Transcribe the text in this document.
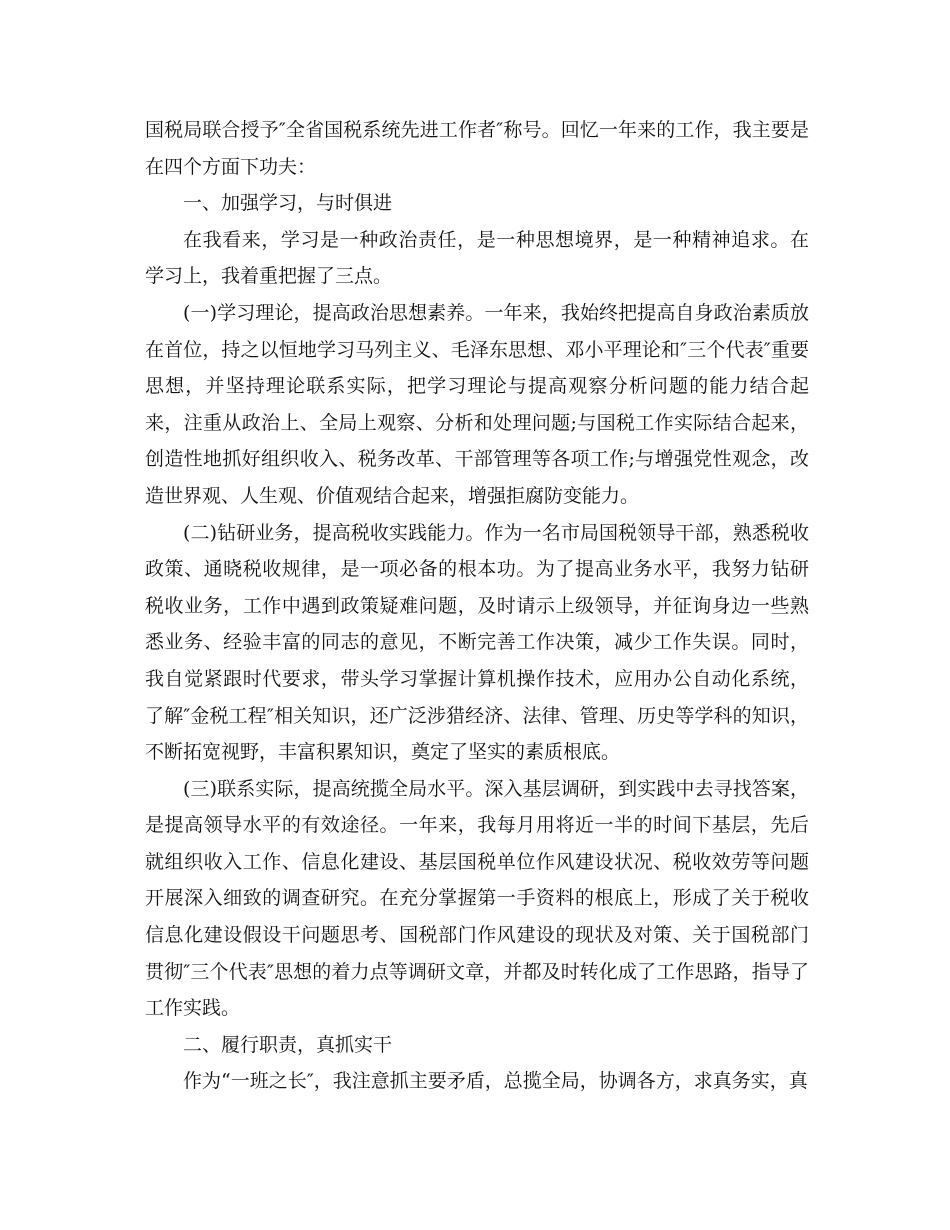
国税局联合授予″全省国税系统先进工作者″称号。回忆一年来的工作，我主要是在四个方面下功夫：

一、加强学习，与时俱进

在我看来，学习是一种政治责任，是一种思想境界，是一种精神追求。在学习上，我着重把握了三点。

(一)学习理论，提高政治思想素养。一年来，我始终把提高自身政治素质放在首位，持之以恒地学习马列主义、毛泽东思想、邓小平理论和″三个代表″重要思想，并坚持理论联系实际，把学习理论与提高观察分析问题的能力结合起来，注重从政治上、全局上观察、分析和处理问题;与国税工作实际结合起来，创造性地抓好组织收入、税务改革、干部管理等各项工作;与增强党性观念，改造世界观、人生观、价值观结合起来，增强拒腐防变能力。

(二)钻研业务，提高税收实践能力。作为一名市局国税领导干部，熟悉税收政策、通晓税收规律，是一项必备的根本功。为了提高业务水平，我努力钻研税收业务，工作中遇到政策疑难问题，及时请示上级领导，并征询身边一些熟悉业务、经验丰富的同志的意见，不断完善工作决策，减少工作失误。同时，我自觉紧跟时代要求，带头学习掌握计算机操作技术，应用办公自动化系统，了解″金税工程″相关知识，还广泛涉猎经济、法律、管理、历史等学科的知识，不断拓宽视野，丰富积累知识，奠定了坚实的素质根底。

(三)联系实际，提高统揽全局水平。深入基层调研，到实践中去寻找答案，是提高领导水平的有效途径。一年来，我每月用将近一半的时间下基层，先后就组织收入工作、信息化建设、基层国税单位作风建设状况、税收效劳等问题开展深入细致的调查研究。在充分掌握第一手资料的根底上，形成了关于税收信息化建设假设干问题思考、国税部门作风建设的现状及对策、关于国税部门贯彻″三个代表″思想的着力点等调研文章，并都及时转化成了工作思路，指导了工作实践。

二、履行职责，真抓实干

作为“一班之长″，我注意抓主要矛盾，总揽全局，协调各方，求真务实，真
